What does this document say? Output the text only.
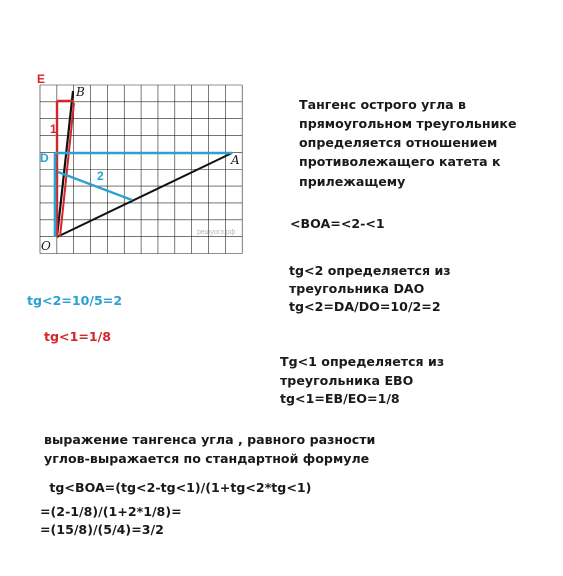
E
B
1
D
2
A
O
решуогэ.рф
Тангенс острого угла в
прямоугольном треугольнике
определяется отношением
противолежащего катета к
прилежащему
<BOA=<2-<1
tg<2 определяется из
треугольника DAO
tg<2=DA/DO=10/2=2
tg<2=10/5=2
tg<1=1/8
Tg<1 определяется из
треугольника EBO
tg<1=EB/EO=1/8
выражение тангенса угла , равного разности
углов-выражается по стандартной формуле
tg<BOA=(tg<2-tg<1)/(1+tg<2*tg<1)
=(2-1/8)/(1+2*1/8)=
=(15/8)/(5/4)=3/2
